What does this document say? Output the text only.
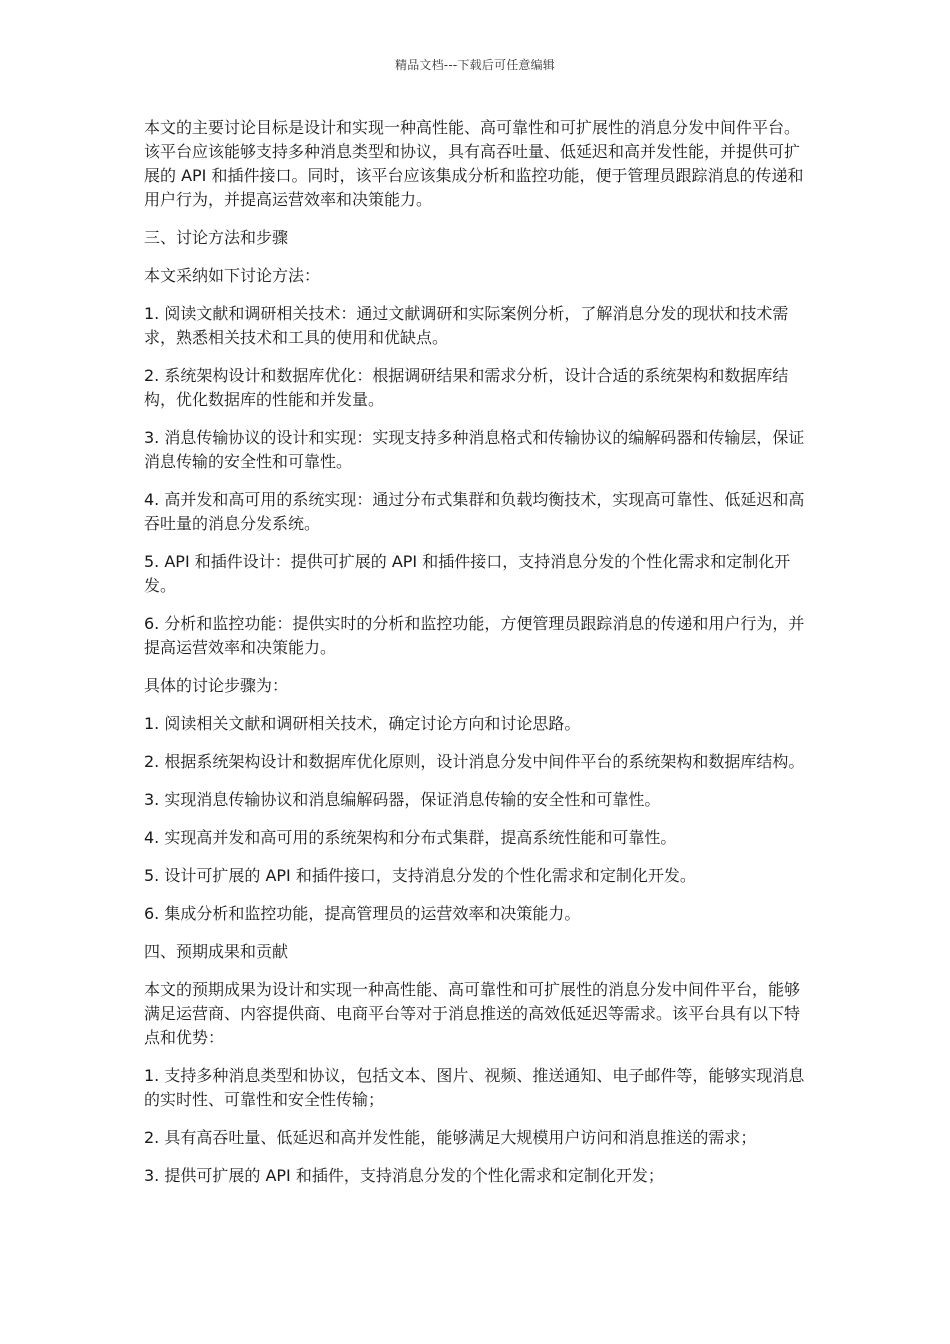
精品文档---下载后可任意编辑

本文的主要讨论目标是设计和实现一种高性能、高可靠性和可扩展性的消息分发中间件平台。该平台应该能够支持多种消息类型和协议，具有高吞吐量、低延迟和高并发性能，并提供可扩展的 API 和插件接口。同时，该平台应该集成分析和监控功能，便于管理员跟踪消息的传递和用户行为，并提高运营效率和决策能力。

三、讨论方法和步骤

本文采纳如下讨论方法：

1. 阅读文献和调研相关技术：通过文献调研和实际案例分析，了解消息分发的现状和技术需求，熟悉相关技术和工具的使用和优缺点。

2. 系统架构设计和数据库优化：根据调研结果和需求分析，设计合适的系统架构和数据库结构，优化数据库的性能和并发量。

3. 消息传输协议的设计和实现：实现支持多种消息格式和传输协议的编解码器和传输层，保证消息传输的安全性和可靠性。

4. 高并发和高可用的系统实现：通过分布式集群和负载均衡技术，实现高可靠性、低延迟和高吞吐量的消息分发系统。

5. API 和插件设计：提供可扩展的 API 和插件接口，支持消息分发的个性化需求和定制化开发。

6. 分析和监控功能：提供实时的分析和监控功能，方便管理员跟踪消息的传递和用户行为，并提高运营效率和决策能力。

具体的讨论步骤为：

1. 阅读相关文献和调研相关技术，确定讨论方向和讨论思路。

2. 根据系统架构设计和数据库优化原则，设计消息分发中间件平台的系统架构和数据库结构。

3. 实现消息传输协议和消息编解码器，保证消息传输的安全性和可靠性。

4. 实现高并发和高可用的系统架构和分布式集群，提高系统性能和可靠性。

5. 设计可扩展的 API 和插件接口，支持消息分发的个性化需求和定制化开发。

6. 集成分析和监控功能，提高管理员的运营效率和决策能力。

四、预期成果和贡献

本文的预期成果为设计和实现一种高性能、高可靠性和可扩展性的消息分发中间件平台，能够满足运营商、内容提供商、电商平台等对于消息推送的高效低延迟等需求。该平台具有以下特点和优势：

1. 支持多种消息类型和协议，包括文本、图片、视频、推送通知、电子邮件等，能够实现消息的实时性、可靠性和安全性传输；

2. 具有高吞吐量、低延迟和高并发性能，能够满足大规模用户访问和消息推送的需求；

3. 提供可扩展的 API 和插件，支持消息分发的个性化需求和定制化开发；
